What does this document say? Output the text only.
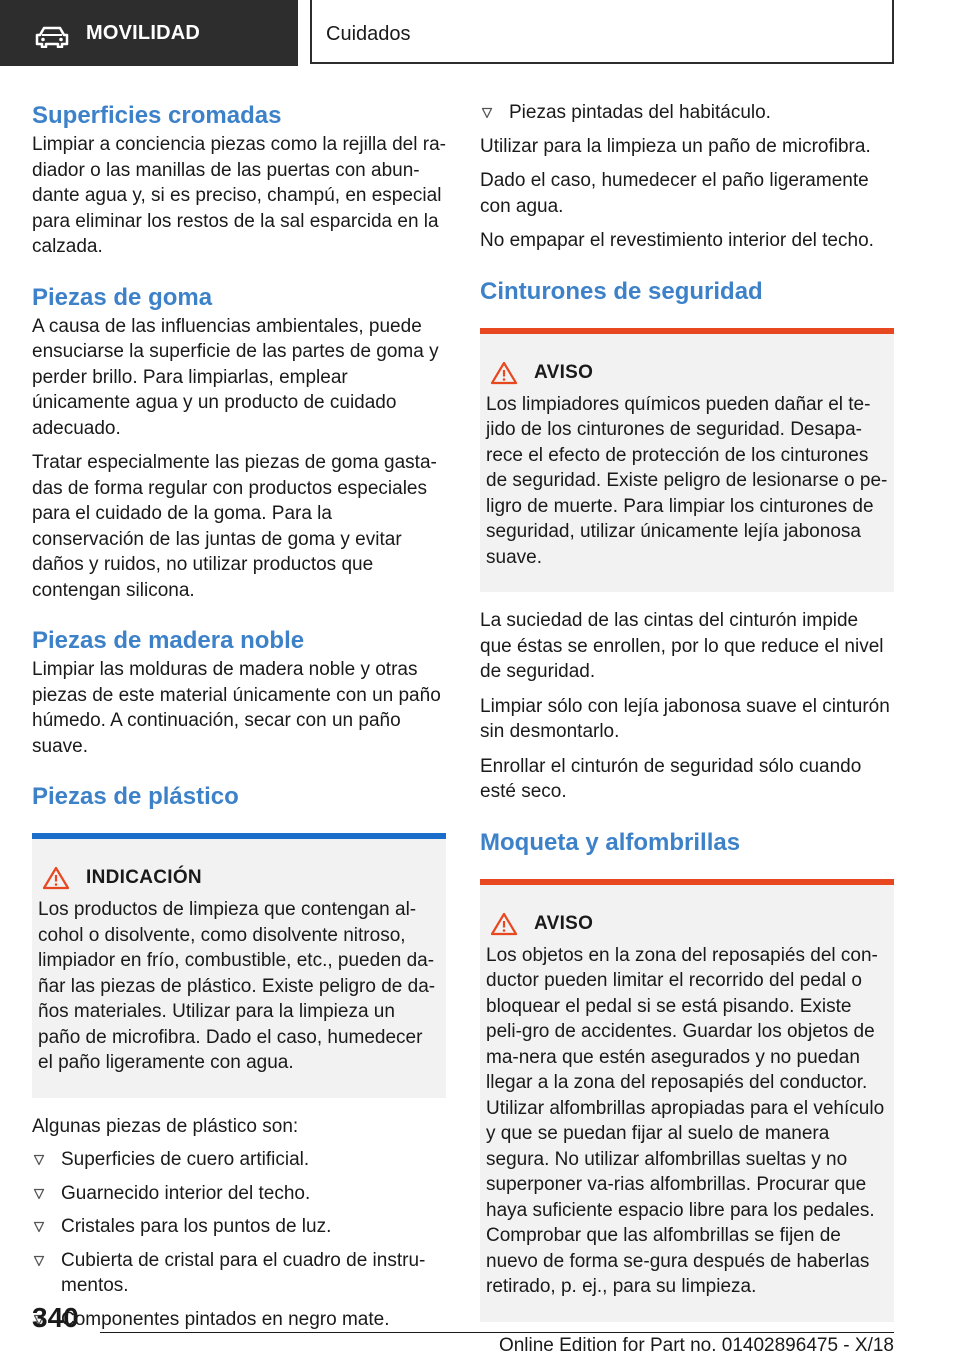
MOVILIDAD	Cuidados
Superficies cromadas

Limpiar a conciencia piezas como la rejilla del ra-diador o las manillas de las puertas con abun-dante agua y, si es preciso, champú, en especial para eliminar los restos de la sal esparcida en la calzada.

Piezas de goma

A causa de las influencias ambientales, puede ensuciarse la superficie de las partes de goma y perder brillo. Para limpiarlas, emplear únicamente agua y un producto de cuidado adecuado.

Tratar especialmente las piezas de goma gasta-das de forma regular con productos especiales para el cuidado de la goma. Para la conservación de las juntas de goma y evitar daños y ruidos, no utilizar productos que contengan silicona.

Piezas de madera noble

Limpiar las molduras de madera noble y otras piezas de este material únicamente con un paño húmedo. A continuación, secar con un paño suave.

Piezas de plástico
INDICACIÓN

Los productos de limpieza que contengan al-cohol o disolvente, como disolvente nitroso, limpiador en frío, combustible, etc., pueden da-ñar las piezas de plástico. Existe peligro de da-ños materiales. Utilizar para la limpieza un paño de microfibra. Dado el caso, humedecer el paño ligeramente con agua.

Algunas piezas de plástico son:

Superficies de cuero artificial.
Guarnecido interior del techo.
Cristales para los puntos de luz.
Cubierta de cristal para el cuadro de instru-mentos.
Componentes pintados en negro mate.
Piezas pintadas del habitáculo.

Utilizar para la limpieza un paño de microfibra.

Dado el caso, humedecer el paño ligeramente con agua.

No empapar el revestimiento interior del techo.

Cinturones de seguridad
AVISO

Los limpiadores químicos pueden dañar el te-jido de los cinturones de seguridad. Desapa-rece el efecto de protección de los cinturones de seguridad. Existe peligro de lesionarse o pe-ligro de muerte. Para limpiar los cinturones de seguridad, utilizar únicamente lejía jabonosa suave.

La suciedad de las cintas del cinturón impide que éstas se enrollen, por lo que reduce el nivel de seguridad.

Limpiar sólo con lejía jabonosa suave el cinturón sin desmontarlo.

Enrollar el cinturón de seguridad sólo cuando esté seco.

Moqueta y alfombrillas
AVISO

Los objetos en la zona del reposapiés del con-ductor pueden limitar el recorrido del pedal o bloquear el pedal si se está pisando. Existe peli-gro de accidentes. Guardar los objetos de ma-nera que estén asegurados y no puedan llegar a la zona del reposapiés del conductor. Utilizar alfombrillas apropiadas para el vehículo y que se puedan fijar al suelo de manera segura. No utilizar alfombrillas sueltas y no superponer va-rias alfombrillas. Procurar que haya suficiente espacio libre para los pedales. Comprobar que las alfombrillas se fijen de nuevo de forma se-gura después de haberlas retirado, p. ej., para su limpieza.

340
Online Edition for Part no. 01402896475 - X/18
